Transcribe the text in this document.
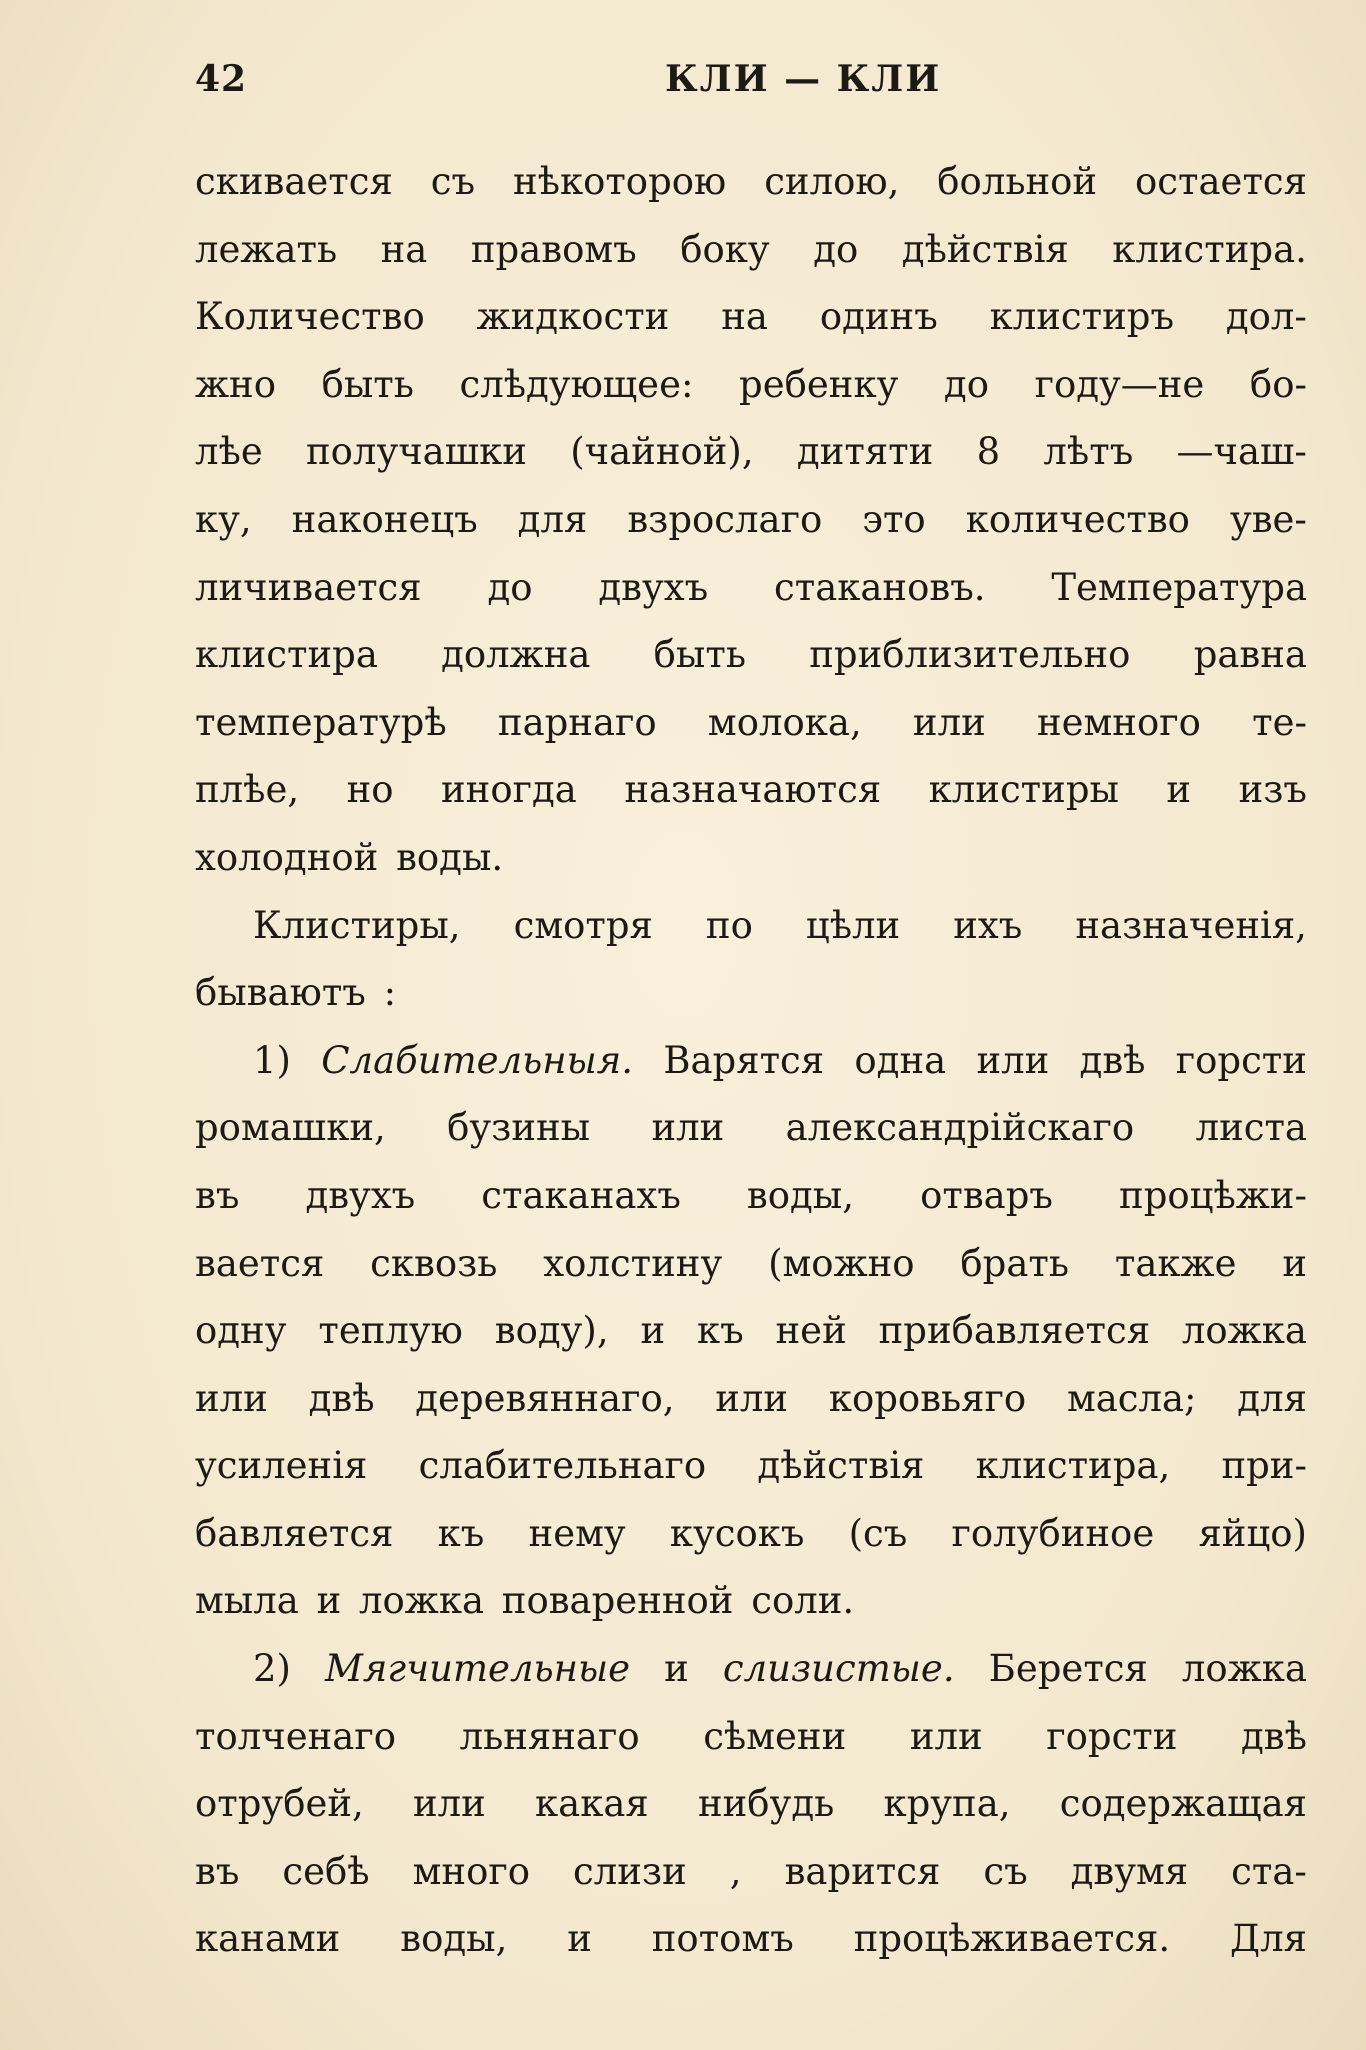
42	КЛИ — КЛИ
скивается съ нѣкоторою силою, больной остается
лежать на правомъ боку до дѣйствія клистира.
Количество жидкости на одинъ клистиръ дол-
жно быть слѣдующее: ребенку до году—не бо-
лѣе получашки (чайной), дитяти 8 лѣтъ —чаш-
ку, наконецъ для взрослаго это количество уве-
личивается до двухъ стакановъ. Температура
клистира должна быть приблизительно равна
температурѣ парнаго молока, или немного те-
плѣе, но иногда назначаются клистиры и изъ
холодной
воды.
Клистиры, смотря по цѣли ихъ назначенія,
бываютъ
:
1) Слабительныя. Варятся одна или двѣ горсти
ромашки, бузины или александрійскаго листа
въ двухъ стаканахъ воды, отваръ процѣжи-
вается сквозь холстину (можно брать также и
одну теплую воду), и къ ней прибавляется ложка
или двѣ деревяннаго, или коровьяго масла; для
усиленія слабительнаго дѣйствія клистира, при-
бавляется къ нему кусокъ (съ голубиное яйцо)
мыла
и
ложка
поваренной
соли.
2) Мягчительные и слизистые. Берется ложка
толченаго льнянаго сѣмени или горсти двѣ
отрубей, или какая нибудь крупа, содержащая
въ себѣ много слизи , варится съ двумя ста-
канами воды, и потомъ процѣживается. Для
